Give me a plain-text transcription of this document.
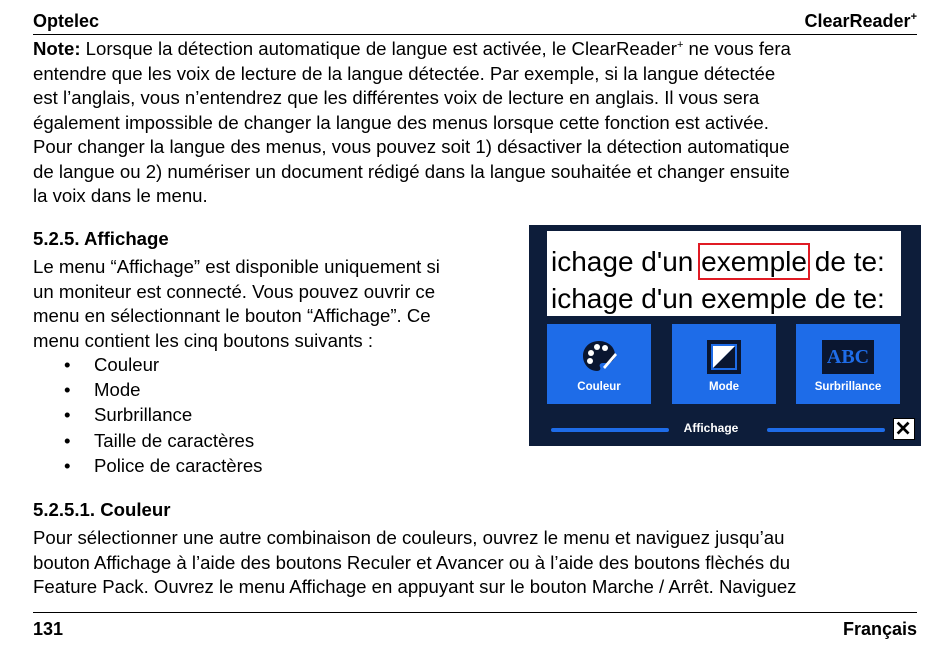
Optelec	ClearReader+
Note: Lorsque la détection automatique de langue est activée, le ClearReader+ ne vous fera
entendre que les voix de lecture de la langue détectée. Par exemple, si la langue détectée
est l’anglais, vous n’entendrez que les différentes voix de lecture en anglais. Il vous sera
également impossible de changer la langue des menus lorsque cette fonction est activée.
Pour changer la langue des menus, vous pouvez soit 1) désactiver la détection automatique
de langue ou 2) numériser un document rédigé dans la langue souhaitée et changer ensuite
la voix dans le menu.
5.2.5. Affichage
Le menu “Affichage” est disponible uniquement si
un moniteur est connecté. Vous pouvez ouvrir ce
menu en sélectionnant le bouton “Affichage”. Ce
menu contient les cinq boutons suivants :
• Couleur
• Mode
• Surbrillance
• Taille de caractères
• Police de caractères
ichage d'un exemple de te:
ichage d'un exemple de te:
Couleur	Mode
ABC
Surbrillance
Affichage
5.2.5.1. Couleur
Pour sélectionner une autre combinaison de couleurs, ouvrez le menu et naviguez jusqu’au
bouton Affichage à l’aide des boutons Reculer et Avancer ou à l’aide des boutons flèchés du
Feature Pack. Ouvrez le menu Affichage en appuyant sur le bouton Marche / Arrêt. Naviguez
131	Français
